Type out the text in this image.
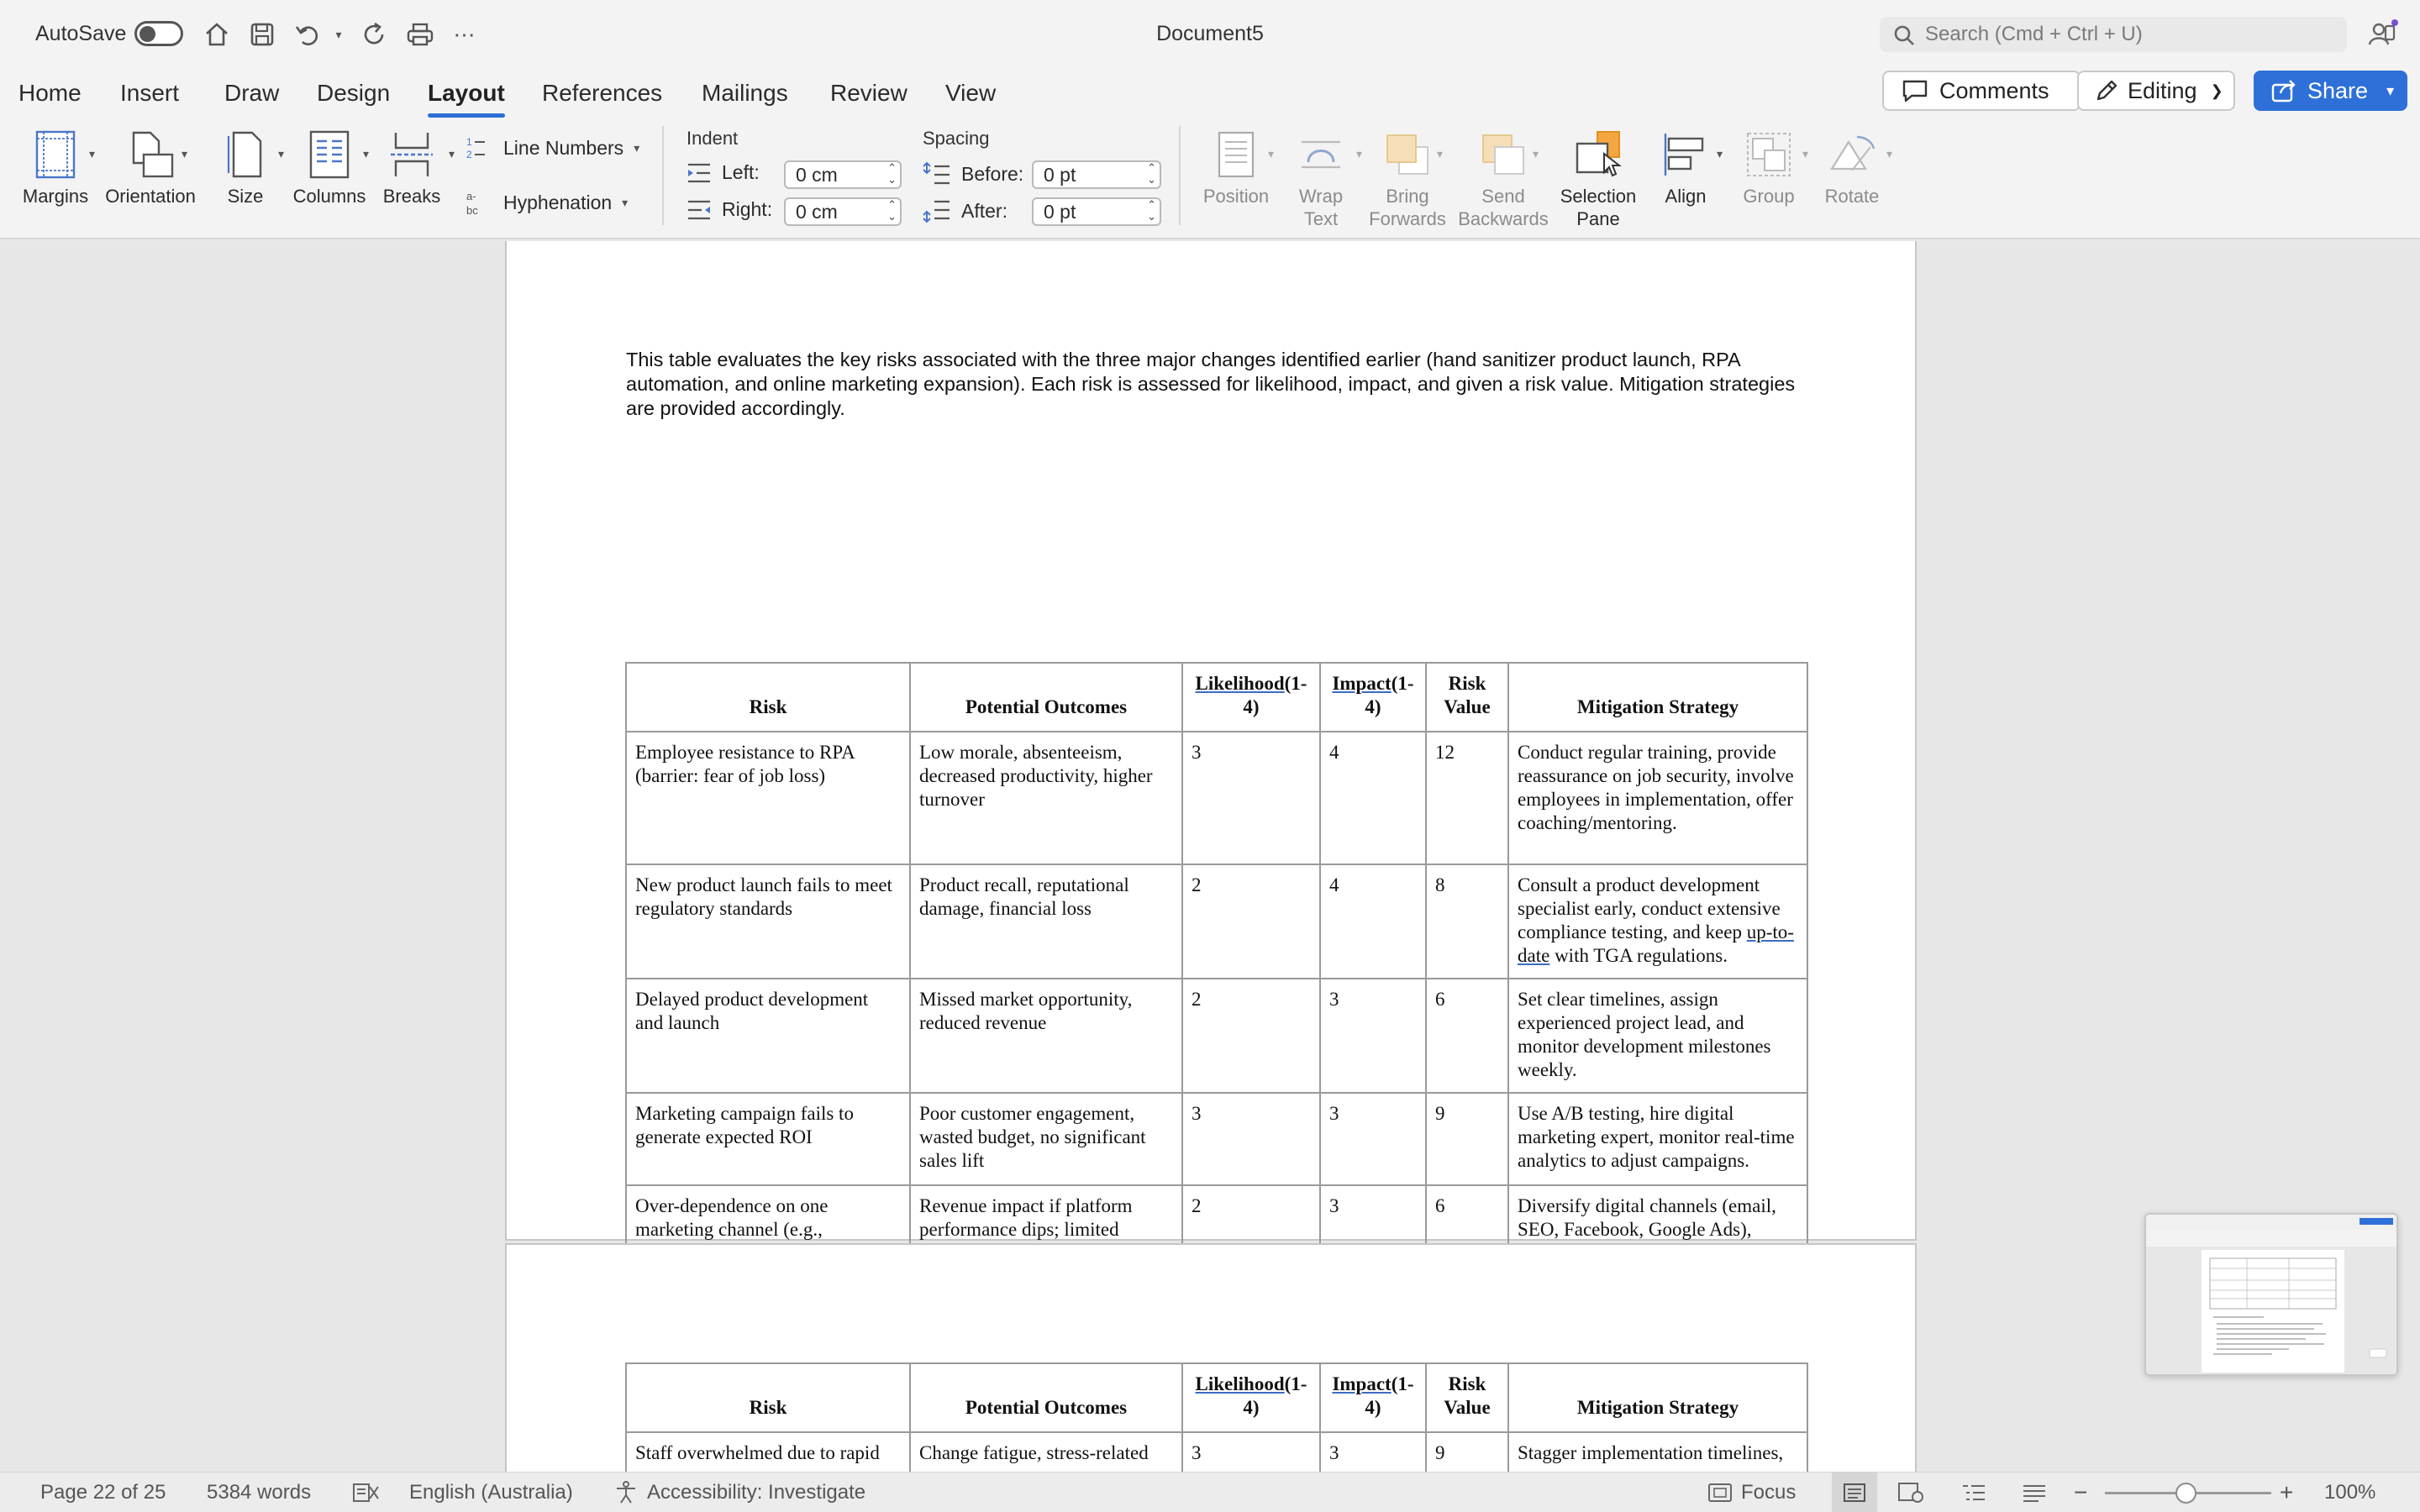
AutoSave	▾	⋯	Document5	Search (Cmd + Ctrl + U)
Home Insert Draw Design Layout References Mailings Review View	Comments	Editing ❯	Share ▾
▾
Margins
▾
Orientation
▾
Size
▾
Columns
▾
Breaks
1
2 Line Numbers ▾
a-
bc Hyphenation ▾
Indent
Left: 0 cm	⌃
⌄
Right: 0 cm	⌃
⌄
Spacing
Before: 0 pt	⌃
⌄
After: 0 pt	⌃
⌄
▾
Position
▾
Wrap
Text
▾
Bring
Forwards
▾
Send
Backwards
Selection
Pane
▾
Align
▾
Group
▾
Rotate

This table evaluates the key risks associated with the three major changes identified earlier (hand sanitizer product launch, RPA automation, and online marketing expansion). Each risk is assessed for likelihood, impact, and given a risk value. Mitigation strategies are provided accordingly.

Risk	Potential Outcomes	Likelihood(1-4)	Impact(1-4)	Risk Value	Mitigation Strategy
Employee resistance to RPA (barrier: fear of job loss)	Low morale, absenteeism, decreased productivity, higher turnover	3	4	12	Conduct regular training, provide reassurance on job security, involve employees in implementation, offer coaching/mentoring.
New product launch fails to meet regulatory standards	Product recall, reputational damage, financial loss	2	4	8	Consult a product development specialist early, conduct extensive compliance testing, and keep up-to-date with TGA regulations.
Delayed product development and launch	Missed market opportunity, reduced revenue	2	3	6	Set clear timelines, assign experienced project lead, and monitor development milestones weekly.
Marketing campaign fails to generate expected ROI	Poor customer engagement, wasted budget, no significant sales lift	3	3	9	Use A/B testing, hire digital marketing expert, monitor real-time analytics to adjust campaigns.
Over-dependence on one marketing channel (e.g.,	Revenue impact if platform performance dips; limited	2	3	6	Diversify digital channels (email, SEO, Facebook, Google Ads),
Risk	Potential Outcomes	Likelihood(1-4)	Impact(1-4)	Risk Value	Mitigation Strategy
Staff overwhelmed due to rapid	Change fatigue, stress-related	3	3	9	Stagger implementation timelines,
Page 22 of 25 5384 words	English (Australia)	Accessibility: Investigate	Focus	−	+ 100%
